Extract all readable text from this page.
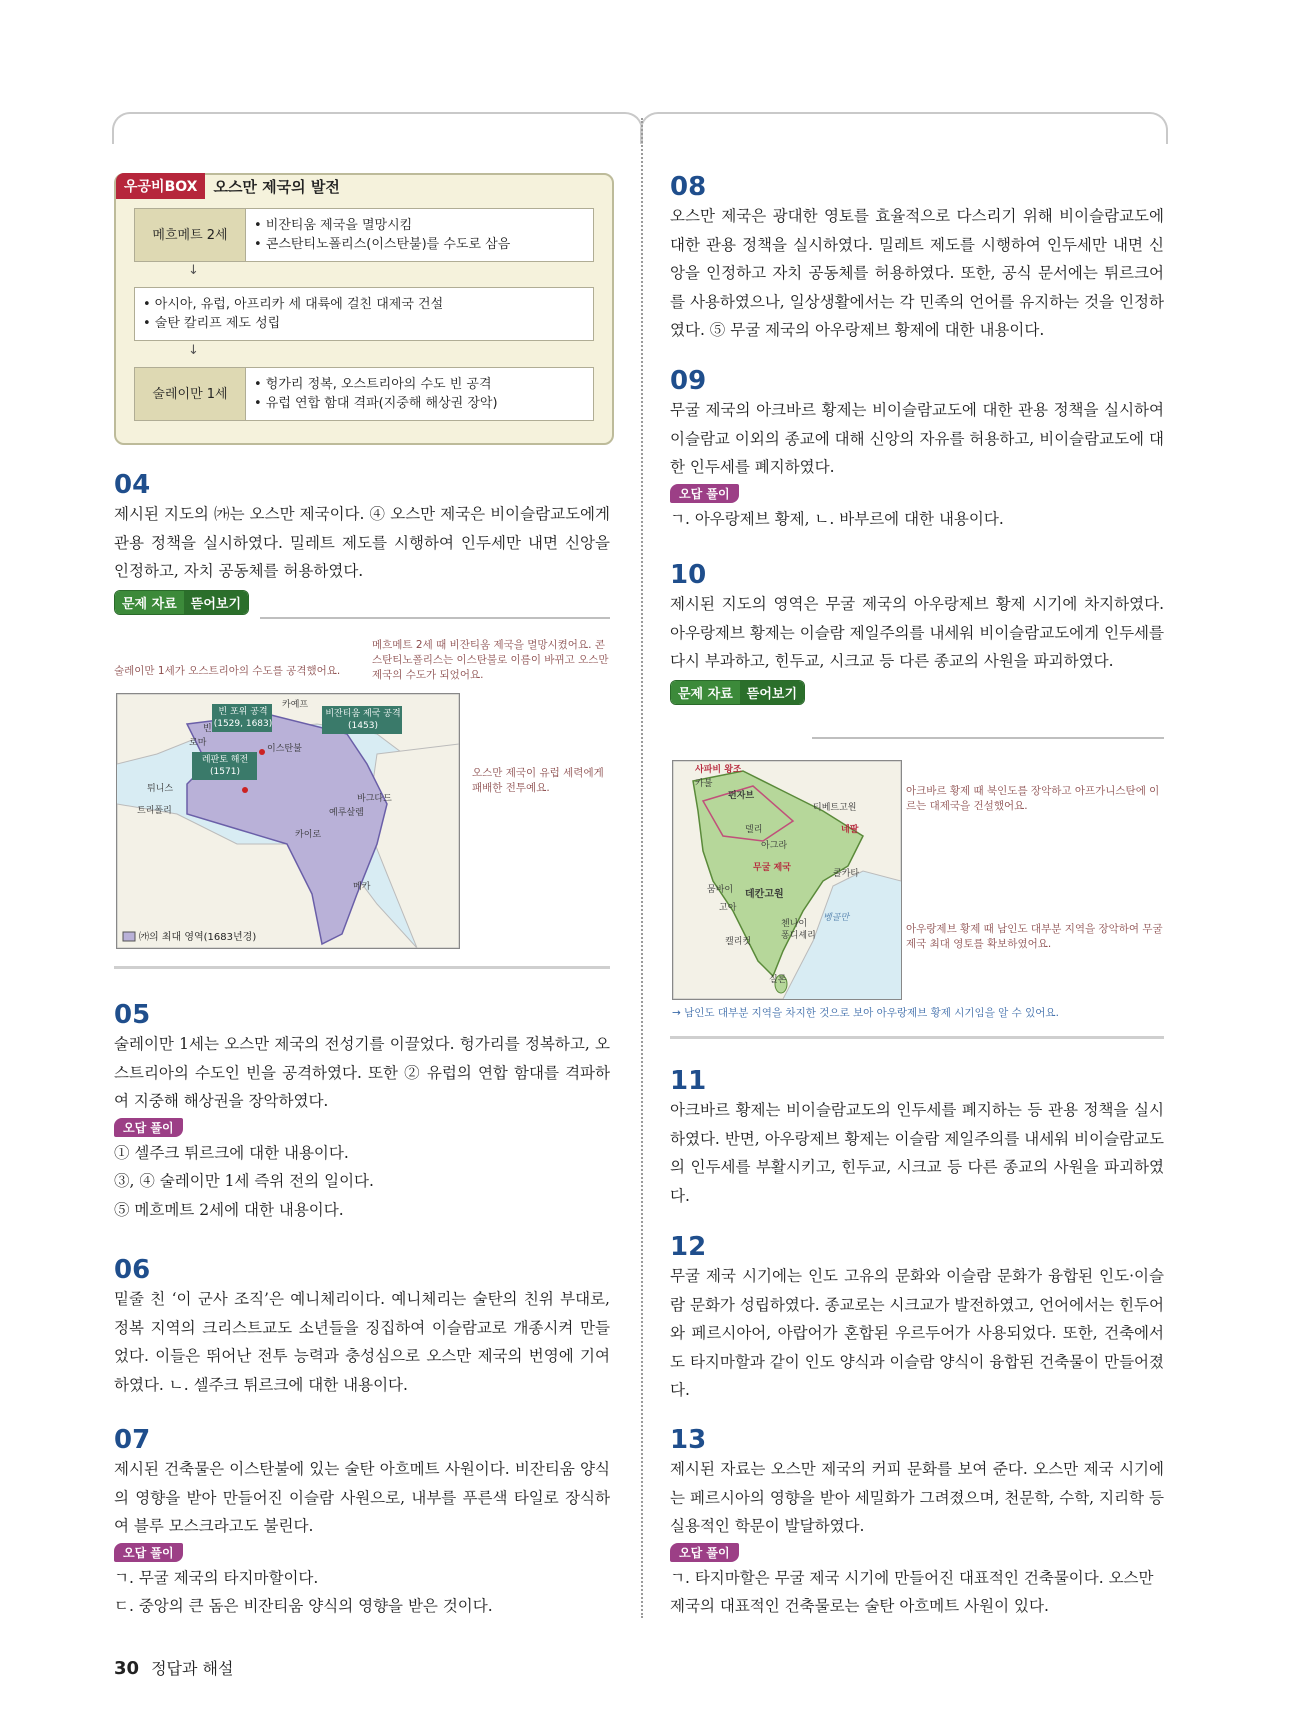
우공비BOX	오스만 제국의 발전
메흐메트 2세
• 비잔티움 제국을 멸망시킴
• 콘스탄티노폴리스(이스탄불)를 수도로 삼음
↓
• 아시아, 유럽, 아프리카 세 대륙에 걸친 대제국 건설
• 술탄 칼리프 제도 성립
↓
술레이만 1세
• 헝가리 정복, 오스트리아의 수도 빈 공격
• 유럽 연합 함대 격파(지중해 해상권 장악)

04

제시된 지도의 ㈎는 오스만 제국이다. ④ 오스만 제국은 비이슬람교도에게 관용 정책을 실시하였다. 밀레트 제도를 시행하여 인두세만 내면 신앙을 인정하고, 자치 공동체를 허용하였다.

문제 자료	뜯어보기
술레이만 1세가 오스트리아의 수도를 공격했어요.
메흐메트 2세 때 비잔티움 제국을 멸망시켰어요. 콘스탄티노폴리스는 이스탄불로 이름이 바뀌고 오스만 제국의 수도가 되었어요.
오스만 제국이 유럽 세력에게 패배한 전투예요.
빈 포위 공격 (1529, 1683)
비잔티움 제국 공격 (1453)
레판토 해전 (1571)
카예프
빈
로마
이스탄불
튀니스
트리폴리
바그다드
예루살렘
카이로
메카
㈎의 최대 영역(1683년경)

05

술레이만 1세는 오스만 제국의 전성기를 이끌었다. 헝가리를 정복하고, 오스트리아의 수도인 빈을 공격하였다. 또한 ② 유럽의 연합 함대를 격파하여 지중해 해상권을 장악하였다.

오답 풀이

① 셀주크 튀르크에 대한 내용이다.

③, ④ 술레이만 1세 즉위 전의 일이다.

⑤ 메흐메트 2세에 대한 내용이다.

06

밑줄 친 ‘이 군사 조직’은 예니체리이다. 예니체리는 술탄의 친위 부대로, 정복 지역의 크리스트교도 소년들을 징집하여 이슬람교로 개종시켜 만들었다. 이들은 뛰어난 전투 능력과 충성심으로 오스만 제국의 번영에 기여하였다. ㄴ. 셀주크 튀르크에 대한 내용이다.

07

제시된 건축물은 이스탄불에 있는 술탄 아흐메트 사원이다. 비잔티움 양식의 영향을 받아 만들어진 이슬람 사원으로, 내부를 푸른색 타일로 장식하여 블루 모스크라고도 불린다.

오답 풀이

ㄱ. 무굴 제국의 타지마할이다.

ㄷ. 중앙의 큰 돔은 비잔티움 양식의 영향을 받은 것이다.

08

오스만 제국은 광대한 영토를 효율적으로 다스리기 위해 비이슬람교도에 대한 관용 정책을 실시하였다. 밀레트 제도를 시행하여 인두세만 내면 신앙을 인정하고 자치 공동체를 허용하였다. 또한, 공식 문서에는 튀르크어를 사용하였으나, 일상생활에서는 각 민족의 언어를 유지하는 것을 인정하였다. ⑤ 무굴 제국의 아우랑제브 황제에 대한 내용이다.

09

무굴 제국의 아크바르 황제는 비이슬람교도에 대한 관용 정책을 실시하여 이슬람교 이외의 종교에 대해 신앙의 자유를 허용하고, 비이슬람교도에 대한 인두세를 폐지하였다.

오답 풀이

ㄱ. 아우랑제브 황제, ㄴ. 바부르에 대한 내용이다.

10

제시된 지도의 영역은 무굴 제국의 아우랑제브 황제 시기에 차지하였다. 아우랑제브 황제는 이슬람 제일주의를 내세워 비이슬람교도에게 인두세를 다시 부과하고, 힌두교, 시크교 등 다른 종교의 사원을 파괴하였다.

문제 자료	뜯어보기
사파비 왕조
카불
펀자브
티베트고원
네팔
델리
아그라
무굴 제국
콜카타
뭄바이 데칸고원
고아
첸나이
퐁디셰리
캘리컷
실론
벵골만
아크바르 황제 때 북인도를 장악하고 아프가니스탄에 이르는 대제국을 건설했어요.
아우랑제브 황제 때 남인도 대부분 지역을 장악하여 무굴 제국 최대 영토를 확보하였어요.
→ 남인도 대부분 지역을 차지한 것으로 보아 아우랑제브 황제 시기임을 알 수 있어요.

11

아크바르 황제는 비이슬람교도의 인두세를 폐지하는 등 관용 정책을 실시하였다. 반면, 아우랑제브 황제는 이슬람 제일주의를 내세워 비이슬람교도의 인두세를 부활시키고, 힌두교, 시크교 등 다른 종교의 사원을 파괴하였다.

12

무굴 제국 시기에는 인도 고유의 문화와 이슬람 문화가 융합된 인도·이슬람 문화가 성립하였다. 종교로는 시크교가 발전하였고, 언어에서는 힌두어와 페르시아어, 아랍어가 혼합된 우르두어가 사용되었다. 또한, 건축에서도 타지마할과 같이 인도 양식과 이슬람 양식이 융합된 건축물이 만들어졌다.

13

제시된 자료는 오스만 제국의 커피 문화를 보여 준다. 오스만 제국 시기에는 페르시아의 영향을 받아 세밀화가 그려졌으며, 천문학, 수학, 지리학 등 실용적인 학문이 발달하였다.

오답 풀이

ㄱ. 타지마할은 무굴 제국 시기에 만들어진 대표적인 건축물이다. 오스만 제국의 대표적인 건축물로는 술탄 아흐메트 사원이 있다.

30 정답과 해설
